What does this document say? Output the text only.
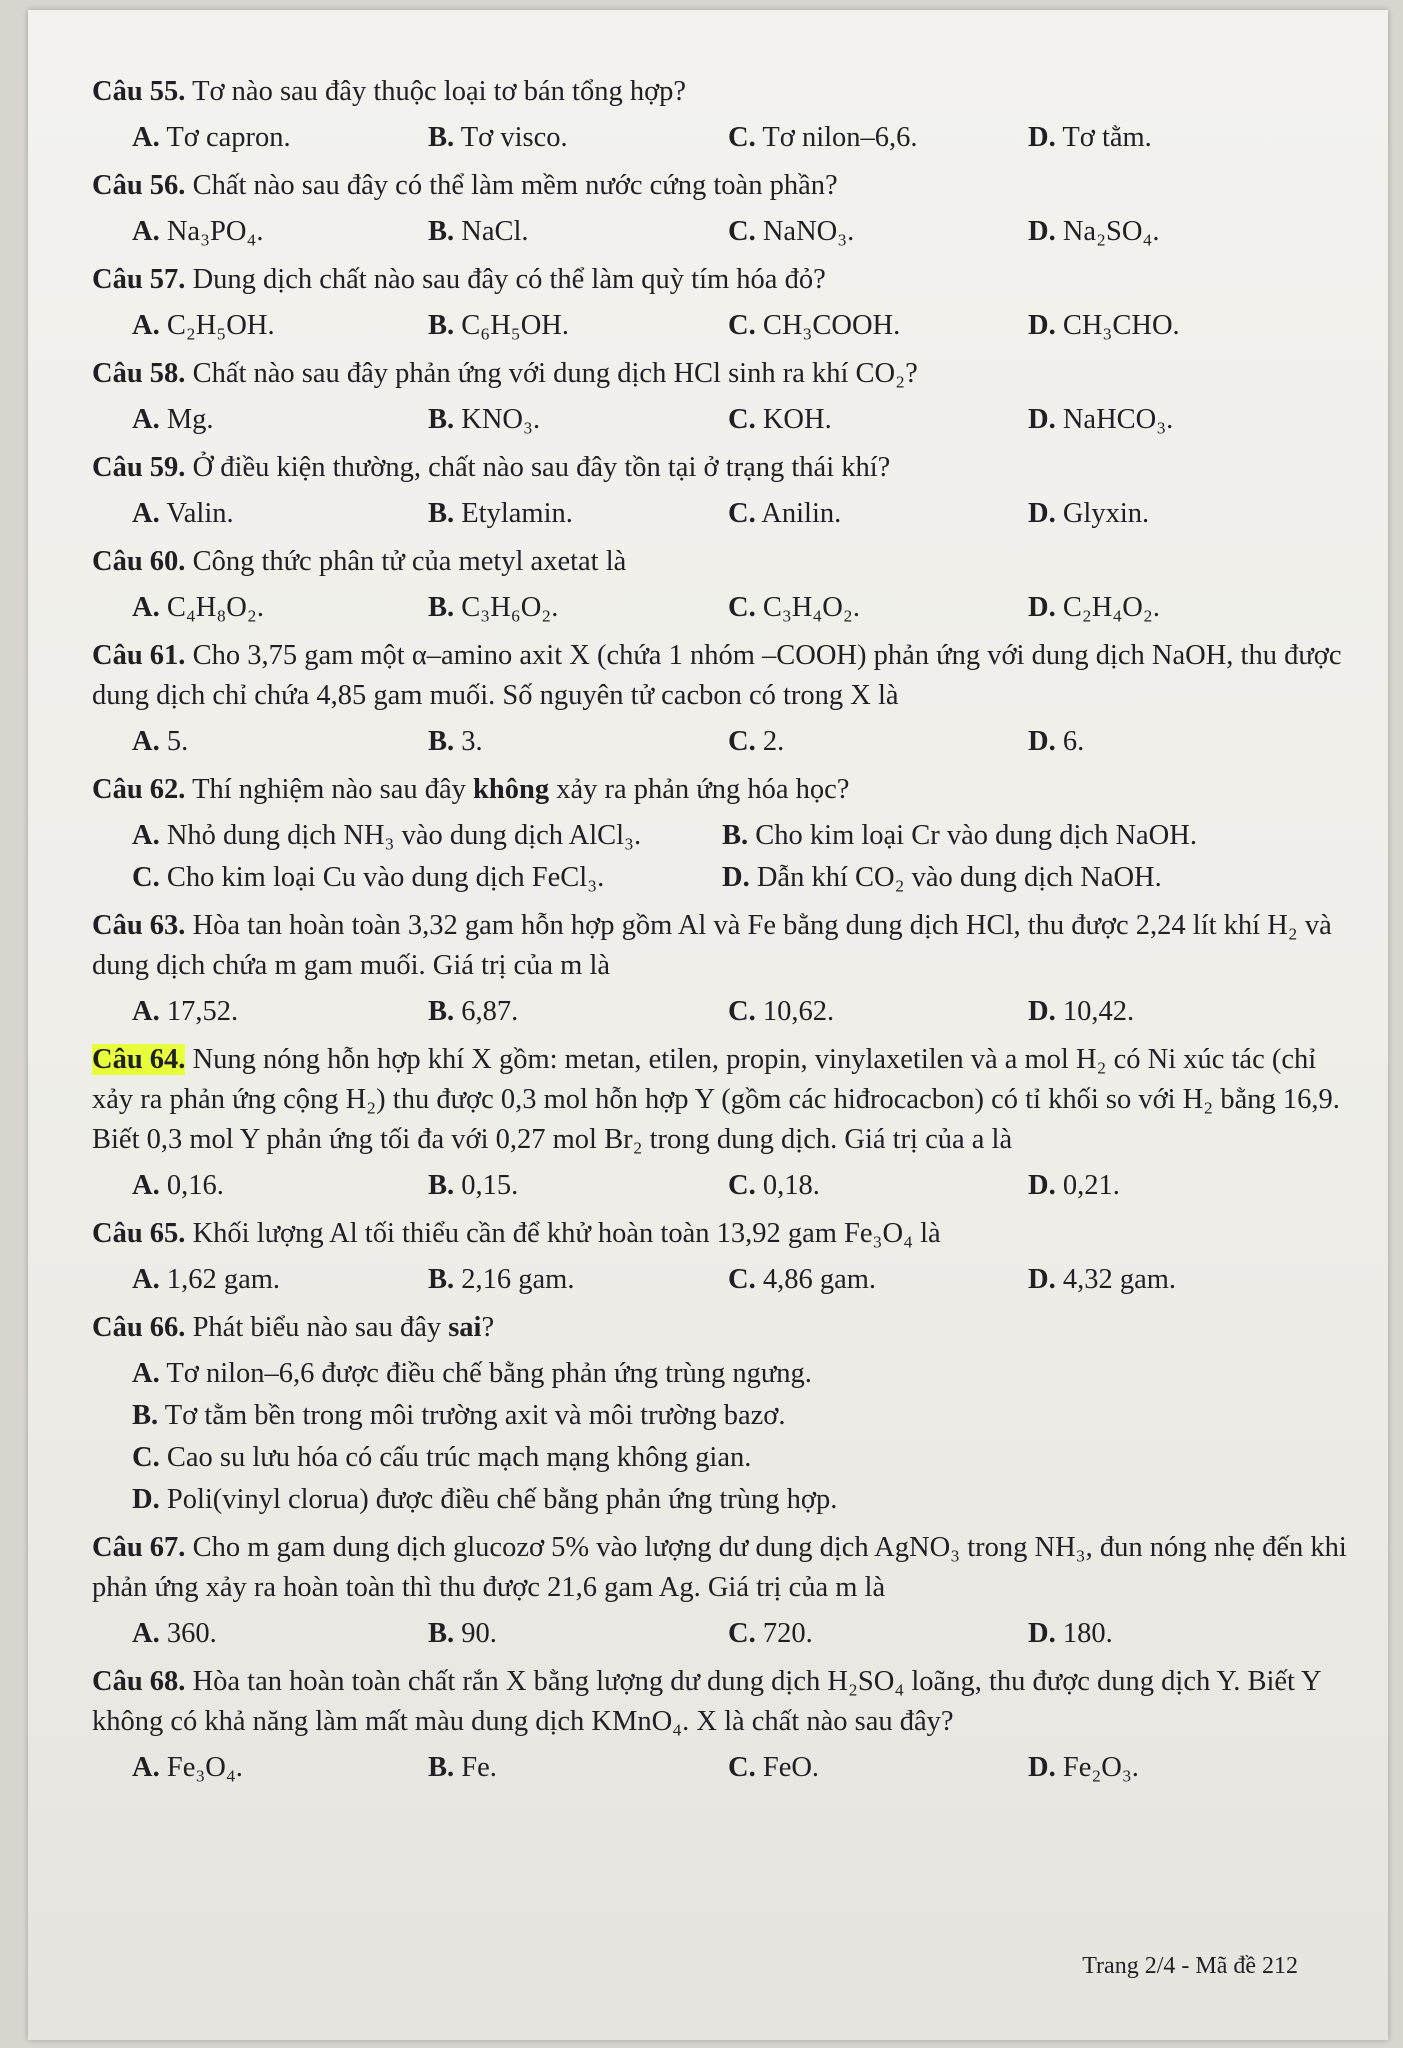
Câu 55. Tơ nào sau đây thuộc loại tơ bán tổng hợp?

A. Tơ capron.	B. Tơ visco.	C. Tơ nilon–6,6.	D. Tơ tằm.

Câu 56. Chất nào sau đây có thể làm mềm nước cứng toàn phần?

A. Na₃PO₄.	B. NaCl.	C. NaNO₃.	D. Na₂SO₄.

Câu 57. Dung dịch chất nào sau đây có thể làm quỳ tím hóa đỏ?

A. C₂H₅OH.	B. C₆H₅OH.	C. CH₃COOH.	D. CH₃CHO.

Câu 58. Chất nào sau đây phản ứng với dung dịch HCl sinh ra khí CO₂?

A. Mg.	B. KNO₃.	C. KOH.	D. NaHCO₃.

Câu 59. Ở điều kiện thường, chất nào sau đây tồn tại ở trạng thái khí?

A. Valin.	B. Etylamin.	C. Anilin.	D. Glyxin.

Câu 60. Công thức phân tử của metyl axetat là

A. C₄H₈O₂.	B. C₃H₆O₂.	C. C₃H₄O₂.	D. C₂H₄O₂.

Câu 61. Cho 3,75 gam một α–amino axit X (chứa 1 nhóm –COOH) phản ứng với dung dịch NaOH, thu được dung dịch chỉ chứa 4,85 gam muối. Số nguyên tử cacbon có trong X là

A. 5.	B. 3.	C. 2.	D. 6.

Câu 62. Thí nghiệm nào sau đây không xảy ra phản ứng hóa học?

A. Nhỏ dung dịch NH₃ vào dung dịch AlCl₃.	B. Cho kim loại Cr vào dung dịch NaOH.
C. Cho kim loại Cu vào dung dịch FeCl₃.	D. Dẫn khí CO₂ vào dung dịch NaOH.

Câu 63. Hòa tan hoàn toàn 3,32 gam hỗn hợp gồm Al và Fe bằng dung dịch HCl, thu được 2,24 lít khí H₂ và dung dịch chứa m gam muối. Giá trị của m là

A. 17,52.	B. 6,87.	C. 10,62.	D. 10,42.

Câu 64. Nung nóng hỗn hợp khí X gồm: metan, etilen, propin, vinylaxetilen và a mol H₂ có Ni xúc tác (chỉ xảy ra phản ứng cộng H₂) thu được 0,3 mol hỗn hợp Y (gồm các hiđrocacbon) có tỉ khối so với H₂ bằng 16,9. Biết 0,3 mol Y phản ứng tối đa với 0,27 mol Br₂ trong dung dịch. Giá trị của a là

A. 0,16.	B. 0,15.	C. 0,18.	D. 0,21.

Câu 65. Khối lượng Al tối thiểu cần để khử hoàn toàn 13,92 gam Fe₃O₄ là

A. 1,62 gam.	B. 2,16 gam.	C. 4,86 gam.	D. 4,32 gam.

Câu 66. Phát biểu nào sau đây sai?

A. Tơ nilon–6,6 được điều chế bằng phản ứng trùng ngưng.
B. Tơ tằm bền trong môi trường axit và môi trường bazơ.
C. Cao su lưu hóa có cấu trúc mạch mạng không gian.
D. Poli(vinyl clorua) được điều chế bằng phản ứng trùng hợp.

Câu 67. Cho m gam dung dịch glucozơ 5% vào lượng dư dung dịch AgNO₃ trong NH₃, đun nóng nhẹ đến khi phản ứng xảy ra hoàn toàn thì thu được 21,6 gam Ag. Giá trị của m là

A. 360.	B. 90.	C. 720.	D. 180.

Câu 68. Hòa tan hoàn toàn chất rắn X bằng lượng dư dung dịch H₂SO₄ loãng, thu được dung dịch Y. Biết Y không có khả năng làm mất màu dung dịch KMnO₄. X là chất nào sau đây?

A. Fe₃O₄.	B. Fe.	C. FeO.	D. Fe₂O₃.
Trang 2/4 - Mã đề 212
